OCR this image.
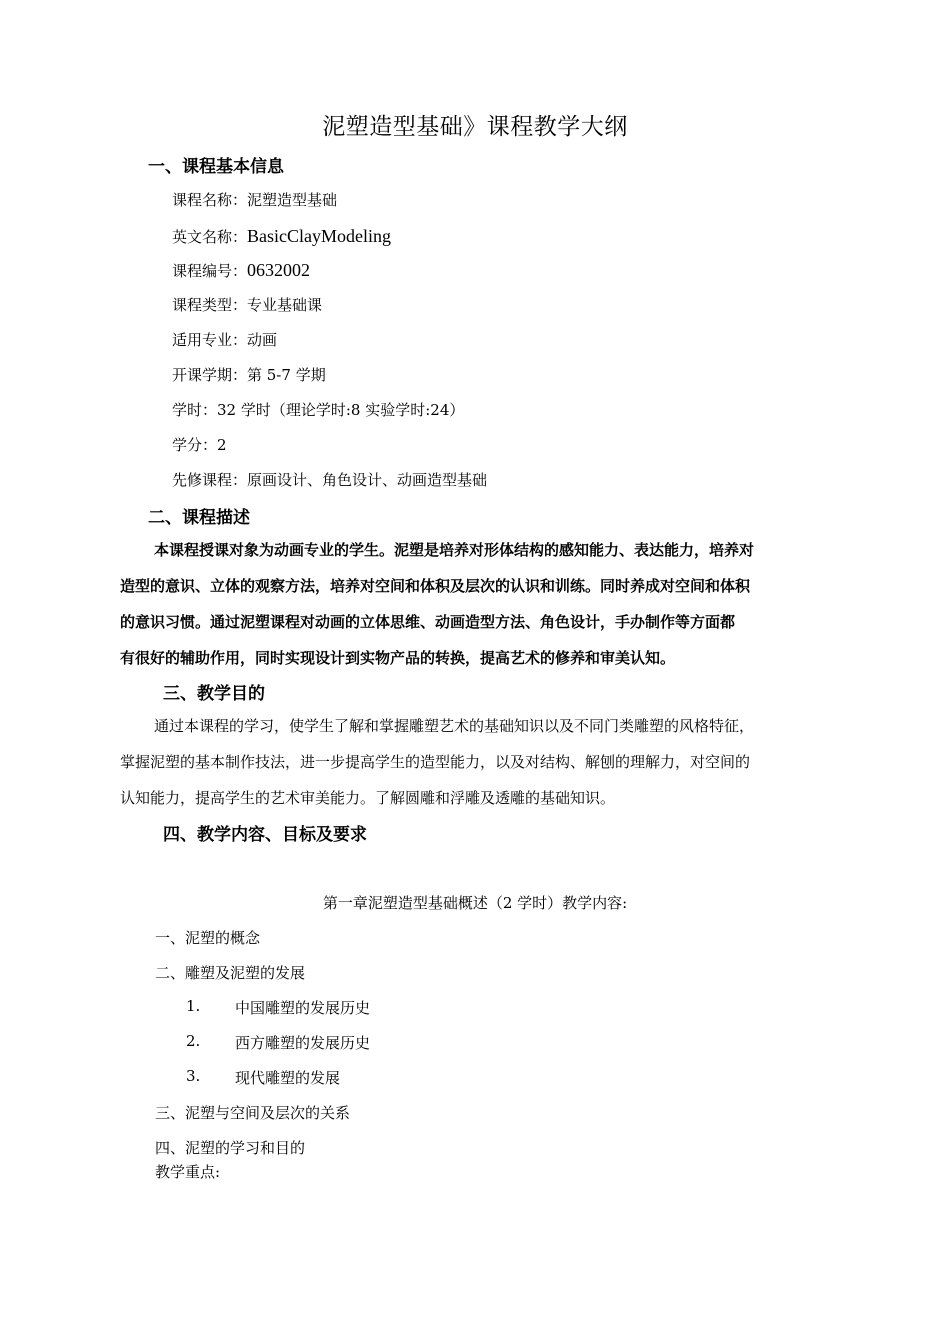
泥塑造型基础》课程教学大纲
一、课程基本信息
课程名称：泥塑造型基础
英文名称：BasicClayModeling
课程编号：0632002
课程类型：专业基础课
适用专业：动画
开课学期：第 5-7 学期
学时：32 学时（理论学时:8 实验学时:24）
学分：2
先修课程：原画设计、角色设计、动画造型基础
二、课程描述
本课程授课对象为动画专业的学生。泥塑是培养对形体结构的感知能力、表达能力，培养对
造型的意识、立体的观察方法，培养对空间和体积及层次的认识和训练。同时养成对空间和体积
的意识习惯。通过泥塑课程对动画的立体思维、动画造型方法、角色设计，手办制作等方面都
有很好的辅助作用，同时实现设计到实物产品的转换，提高艺术的修养和审美认知。
三、教学目的
通过本课程的学习，使学生了解和掌握雕塑艺术的基础知识以及不同门类雕塑的风格特征，
掌握泥塑的基本制作技法，进一步提高学生的造型能力，以及对结构、解刨的理解力，对空间的
认知能力，提高学生的艺术审美能力。了解圆雕和浮雕及透雕的基础知识。
四、教学内容、目标及要求
第一章泥塑造型基础概述（2 学时）教学内容:
一、泥塑的概念
二、雕塑及泥塑的发展
1. 中国雕塑的发展历史
2. 西方雕塑的发展历史
3. 现代雕塑的发展
三、泥塑与空间及层次的关系
四、泥塑的学习和目的
教学重点:
